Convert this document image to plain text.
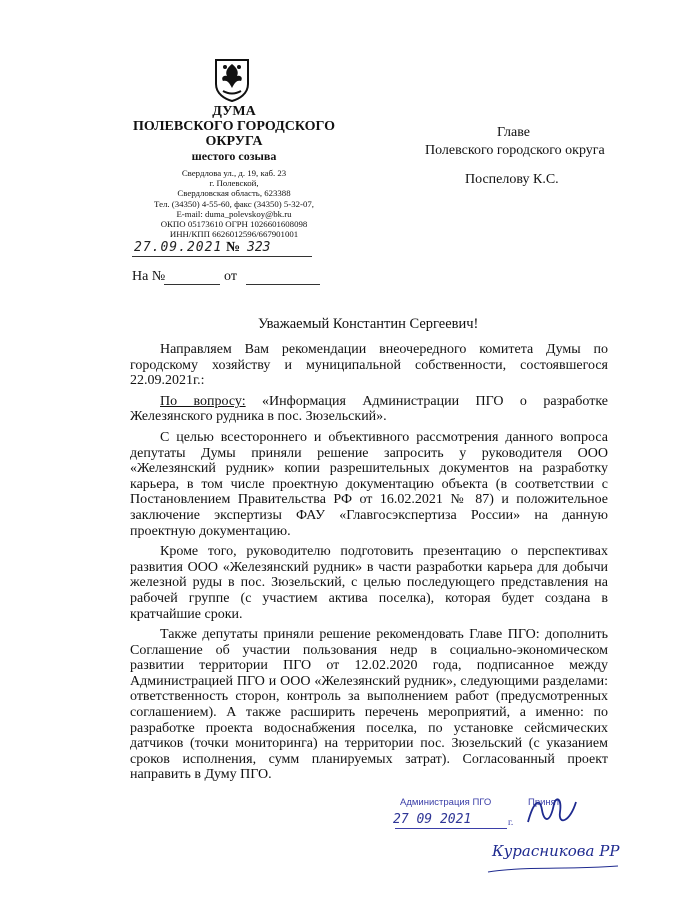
ДУМА
ПОЛЕВСКОГО ГОРОДСКОГО
ОКРУГА
шестого созыва
Свердлова ул., д. 19, каб. 23
г. Полевской,
Свердловская область, 623388
Тел. (34350) 4-55-60, факс (34350) 5-32-07,
E-mail: duma_polevskoy@bk.ru
ОКПО 05173610 ОГРН 1026601608098
ИНН/КПП 6626012596/667901001
27.09.2021 № 323
На №	от
Главе
Полевского городского округа
Поспелову К.С.
Уважаемый Константин Сергеевич!

Направляем Вам рекомендации внеочередного комитета Думы по городскому хозяйству и муниципальной собственности, состоявшегося 22.09.2021г.:

По вопросу: «Информация Администрации ПГО о разработке Железянского рудника в пос. Зюзельский».

С целью всестороннего и объективного рассмотрения данного вопроса депутаты Думы приняли решение запросить у руководителя ООО «Железянский рудник» копии разрешительных документов на разработку карьера, в том числе проектную документацию объекта (в соответствии с Постановлением Правительства РФ от 16.02.2021 № 87) и положительное заключение экспертизы ФАУ «Главгосэкспертиза России» на данную проектную документацию.

Кроме того, руководителю подготовить презентацию о перспективах развития ООО «Железянский рудник» в части разработки карьера для добычи железной руды в пос. Зюзельский, с целью последующего представления на рабочей группе (с участием актива поселка), которая будет создана в кратчайшие сроки.

Также депутаты приняли решение рекомендовать Главе ПГО: дополнить Соглашение об участии пользования недр в социально-экономическом развитии территории ПГО от 12.02.2020 года, подписанное между Администрацией ПГО и ООО «Железянский рудник», следующими разделами: ответственность сторон, контроль за выполнением работ (предусмотренных соглашением). А также расширить перечень мероприятий, а именно: по разработке проекта водоснабжения поселка, по установке сейсмических датчиков (точки мониторинга) на территории пос. Зюзельский (с указанием сроков исполнения, сумм планируемых затрат). Согласованный проект направить в Думу ПГО.

Администрация ПГО	Принят
27 09 2021	г.
Курасникова РР
